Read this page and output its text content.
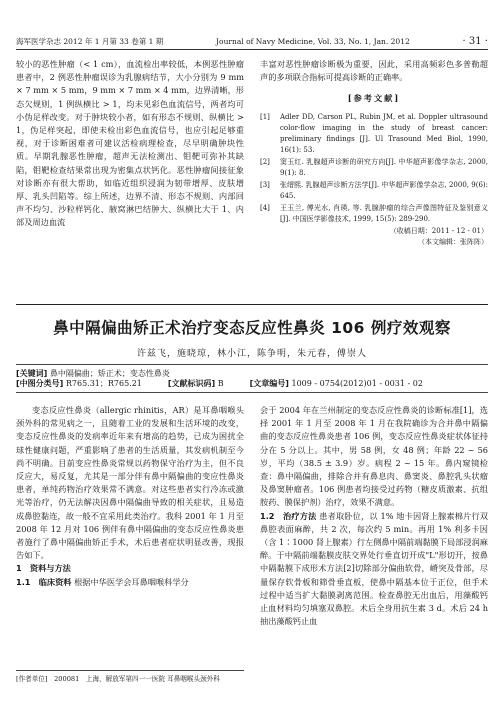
海军医学杂志 2012 年 1 月第 33 卷第 1 期	Journal of Navy Medicine, Vol. 33, No. 1, Jan. 2012	· 31 ·

较小的恶性肿瘤（< 1 cm），血流检出率较低，本例恶性肿瘤患者中，2 例恶性肿瘤误诊为乳腺病结节，大小分别为 9 mm × 7 mm × 5 mm，9 mm × 7 mm × 4 mm，边界清晰，形态欠规则，1 例纵横比 > 1，均未见彩色血流信号，两者均可小伪足样改变。对于肿块较小者，如有形态不规则、纵横比 > 1，伪足样突起，即使未检出彩色血流信号，也应引起足够重视，对于诊断困难者可建议活检病理检查，尽早明确肿块性质。早期乳腺恶性肿瘤，超声无法检测出、钼靶可弥补其缺陷，钼靶检查结果常出现为密集点状钙化。恶性肿瘤间接征象对诊断亦有很大帮助，如临近组织浸润为韧带增厚、皮肤增厚、乳头凹陷等。综上所述，边界不清、形态不规则、内部回声不均匀、沙粒样钙化、腋窝淋巴结肿大、纵横比大于 1、内部及周边血流

丰富对恶性肿瘤诊断极为重要，因此，采用高频彩色多普勒超声的多项联合指标可提高诊断的正确率。

[参考文献]
[1]	Adler DD, Carson PL, Rubin JM, et al. Doppler ultrasound color-flow imaging in the study of breast cancer: preliminary findings [J]. Ul Trasound Med Biol, 1990, 16(1): 53.
[2]	窦玉红. 乳腺超声诊断的研究方向[J]. 中华超声影像学杂志, 2000, 9(1): 8.
[3]	张缙熙. 乳腺超声诊断方法学[J]. 中华超声影像学杂志, 2000, 9(6): 645.
[4]	王玉兰, 傅光水, 肖瑛, 等. 乳腺肿瘤的综合声像图特征及鉴别意义[J]. 中国医学影像技术, 1999, 15(5): 289-290.
（收稿日期：2011 - 12 - 01）
（本文编辑：张阵阵）
鼻中隔偏曲矫正术治疗变态反应性鼻炎 106 例疗效观察
许兹飞，施晓琼，林小江，陈争明，朱元春，傅崇人
[关键词] 鼻中隔偏曲；矫正术；变态性鼻炎
[中图分类号] R765.31；R765.21	[文献标识码] B	[文章编号] 1009 - 0754(2012)01 - 0031 - 02

变态反应性鼻炎（allergic rhinitis，AR）是耳鼻咽喉头颈外科的常见病之一，且随着工业的发展和生活环境的改变，变态反应性鼻炎的发病率近年来有增高的趋势，已成为困扰全球性健康问题，严重影响了患者的生活质量，其发病机制至今尚不明确。目前变应性鼻炎常规以药物保守治疗为主，但不良反应大，易反复，尤其是一部分伴有鼻中隔偏曲的变应性鼻炎患者，单纯药物治疗效果常不满意。对这些患者实行冷冻或激光等治疗，仍无法解决因鼻中隔偏曲导致的相关症状，且易造成鼻腔黏连，故一般不宜采用此类治疗。我科 2001 年 1 月至 2008 年 12 月对 106 例伴有鼻中隔偏曲的变态反应性鼻炎患者施行了鼻中隔偏曲矫正手术，术后患者症状明显改善，现报告如下。

1　资料与方法

1.1　临床资料 根据中华医学会耳鼻咽喉科学分

会于 2004 年在兰州制定的变态反应性鼻炎的诊断标准[1]，选择 2001 年 1 月至 2008 年 1 月在我院确诊为合并鼻中隔偏曲的变态反应性鼻炎患者 106 例，变态反应性鼻炎症状体征持分在 5 分以上。其中，男 58 例，女 48 例；年龄 22 ~ 56 岁，平均（38.5 ± 3.9）岁。病程 2 ~ 15 年。鼻内窥镜检查：鼻中隔偏曲，排除合并有鼻息肉、鼻窦炎、鼻腔乳头状瘤及鼻窦肿瘤者。106 例患者均接受过药物（糖皮质激素、抗组胺药、膜保护剂）治疗，效果不满意。

1.2　治疗方法 患者取卧位，以 1% 地卡因肾上腺素棉片行双鼻腔表面麻醉，共 2 次，每次约 5 min。再用 1% 利多卡因（含 1∶1000 肾上腺素）行左侧鼻中隔前端黏膜下局部浸润麻醉。于中隔前端黏膜皮肤交界处行垂直切开成"L"形切开，按鼻中隔黏膜下成形术方法[2]切除部分偏曲软骨，嵴突及骨部，尽量保存软骨板和筛骨垂直板，使鼻中隔基本位于正位，但手术过程中适当扩大黏膜剥离范围。检查鼻腔无出血后，用藻酸钙止血材料均匀填塞双鼻腔。术后全身用抗生素 3 d。术后 24 h 抽出藻酸钙止血

[作者单位]　200081　上海，解放军第四一一医院 耳鼻咽喉头颈外科
